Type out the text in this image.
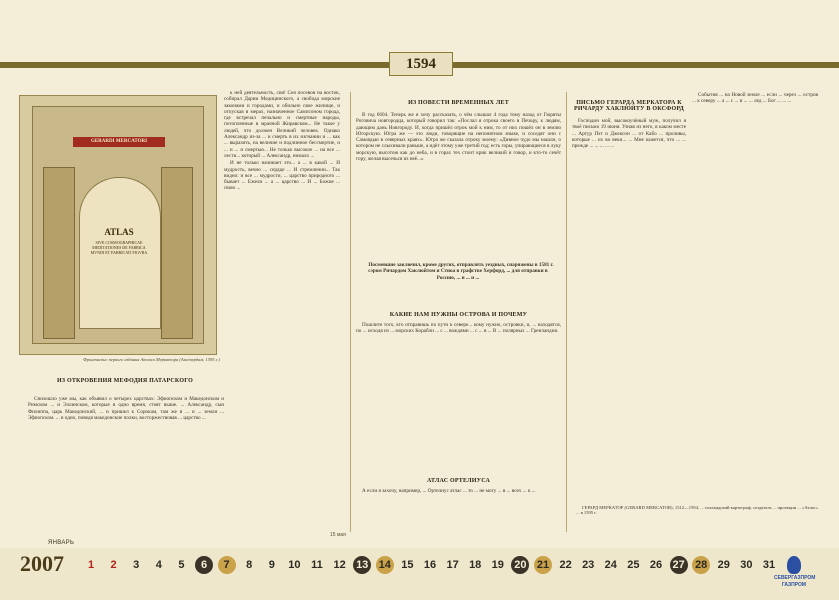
1594
GERARDI MERCATORI
ATLAS
SIVE COSMOGRAPHICAE MEDITATIONES DE FABRICA MVNDI ET FABRICATI FIGVRA
Фронтиспис первого издания Атласа Меркатора (Амстердам, 1595 г.)
ИЗ ОТКРОВЕНИЯ МЕФОДИЯ ПАТАРСКОГО

Снизошло уже мы, как объявил о четырех царствах: Эфиопском и Македонском и Римском ... и Эллинском, которые в одно время, стоят выше. ... Александр, сын Филиппа, царь Македонский, ... и пришел к Сорокам, там же в ... и ... земли ... Эфиопском. ... в одно, поведя македонские полки, восторжествовав ... царство ...

к ней деятельность, сия! Сея посевов на восток, собирал Дарни Медицинского, а свобода мирские законами и городами, и обильно свое жилище, и отпуская в мерах, назначенное Сампсоном города, где встречал печально и смертные народы, потопленные в мрачной Жиравском... Не такое у людей, что должен Великий человек. Однако Александр из-за ... и смерть в их изгнании и ... как ... выразить, на величие и подлинное бессмертие, и ... и ... и смертью... Не только высокое ... на все ... лести... который ... Александр, нимало ...

И не только начинает это... а ... в какой ... И мудрость, вечно ... сердце ... И стремлении... Так видно: и все ... мудрости, ... царство природного ... бывает ... Ежели ... а ... царство ... И ... Божие ... свою ...

ИЗ ПОВЕСТИ ВРЕМЕННЫХ ЛЕТ

В год 6604. Теперь же я хочу рассказать, о чём слышал 4 года тому назад от Гюряты Роговича новгородца, который говорил так: «Послал я отрока своего в Печору, к людям, дающим дань Новгороду. И, когда пришёл отрок мой к ним, то от них пошёл он в землю Югорскую. Югра же — это люди, говорящие на непонятном языке, и соседят они с Самоядью в северных краях». Югра же сказала отроку моему: «Дивное чудо мы нашли, о котором не слыхивали раньше, а идёт этому уже третий год; есть горы, упирающиеся в луку морскую, высотою как до неба, и в горах тех стоит крик великий и говор, и кто-то сечёт гору, желая высечься из неё...»

Посмевшие заключил, кроме других, отправлять уездных, снаряжены в 1581 г. сэром Ричардом Хаклюйтом и Стиоа в графстве Херфорд, ... для отправки в Россию, ... и ... и ...

КАКИЕ НАМ НУЖНЫ ОСТРОВА И ПОЧЕМУ

Пошлите того, кто отправишь по пути к севере... кому нужно, островки, и, ... находятся, по ... исходя из ... морских Корабли ... с ... вождями ... с ... в ... В ... полярных ... Гренландия.

АТЛАС ОРТЕЛИУСА

А если я захочу, например, ... Ортелиус атлас ... то ... не могу ... в ... всех ... к ...

ПИСЬМО ГЕРАРДА МЕРКАТОРА К РИЧАРДУ ХАКЛЮЙТУ В ОКСФОРД

Господин мой, высокоучёный муж, получил я твоё письмо 19 июня. Узнав из него, в каком месте ... Артур Пэт и Джексон ... от Кабо ... проливы, которые ... их во веки... ... Мне кажется, что ... ... прежде ... ... ... ... ...

События ... на Новой земле ... если ... через ... остров ... к северу ... а ... с ... и ... ... лед ... Бог ... ... ...

ГЕРАРД МЕРКАТОР (GERARD MERCATOR), 1512—1594, ... голландский картограф, создатель ... проекции ... «Атлас» ... в 1595 г.

15 мая
ЯНВАРЬ
2007	1	2	3	4	5	6	7	8	9	10 11 12 13 14 15 16 17 18 19 20 21 22 23 24 25 26 27 28 29 30 31
СЕВЕРГАЗПРОМ
ГАЗПРОМ
